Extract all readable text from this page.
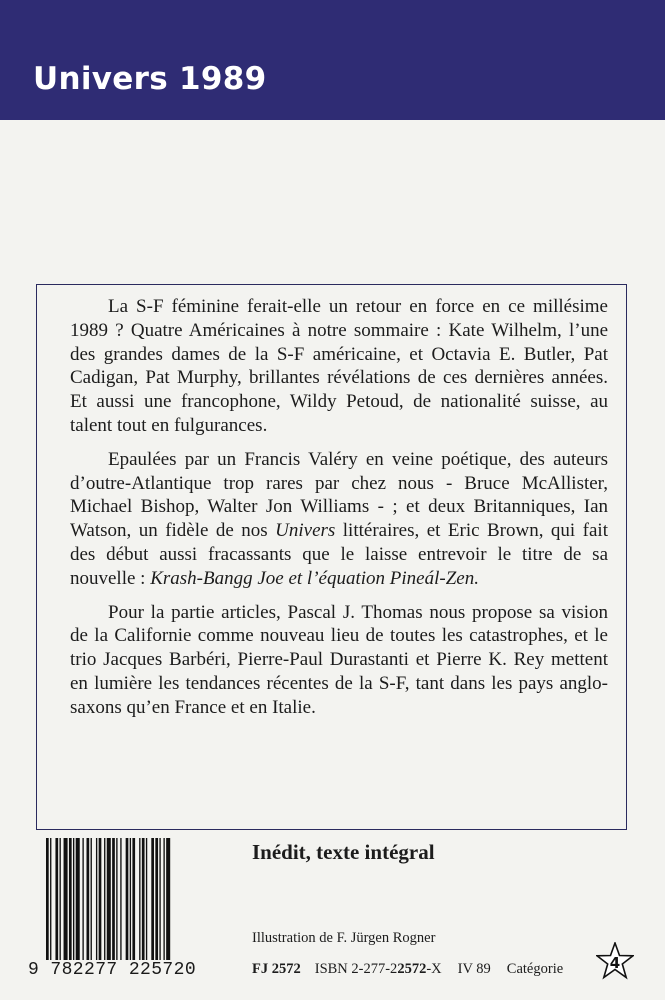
Univers 1989

La S-F féminine ferait-elle un retour en force en ce millésime 1989 ? Quatre Américaines à notre sommaire : Kate Wilhelm, l’une des grandes dames de la S-F américaine, et Octavia E. Butler, Pat Cadigan, Pat Murphy, brillantes révélations de ces dernières années. Et aussi une francophone, Wildy Petoud, de nationalité suisse, au talent tout en fulgurances.

Epaulées par un Francis Valéry en veine poétique, des auteurs d’outre-Atlantique trop rares par chez nous - Bruce McAllister, Michael Bishop, Walter Jon Williams - ; et deux Britanniques, Ian Watson, un fidèle de nos Univers littéraires, et Eric Brown, qui fait des début aussi fracassants que le laisse entrevoir le titre de sa nouvelle : Krash-Bangg Joe et l’équation Pineál-Zen.

Pour la partie articles, Pascal J. Thomas nous propose sa vision de la Californie comme nouveau lieu de toutes les catastrophes, et le trio Jacques Barbéri, Pierre-Paul Durastanti et Pierre K. Rey mettent en lumière les tendances récentes de la S-F, tant dans les pays anglo-saxons qu’en France et en Italie.

9 782277 225720
Inédit, texte intégral
Illustration de F. Jürgen Rogner
FJ 2572 ISBN 2-277-22572-X IV 89 Catégorie	4
